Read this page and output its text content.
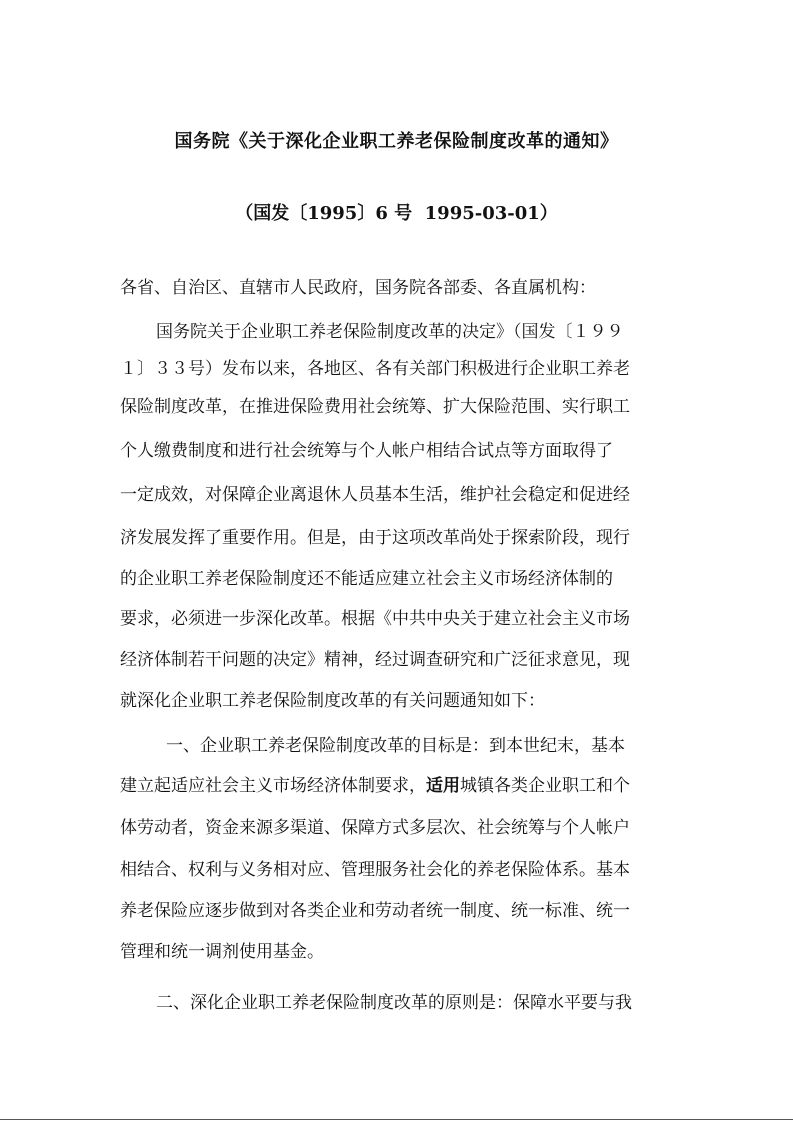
国务院《关于深化企业职工养老保险制度改革的通知》
（国发〔1995〕6 号  1995-03-01）
各省、自治区、直辖市人民政府，国务院各部委、各直属机构：
国务院关于企业职工养老保险制度改革的决定》（国发〔１９９
１〕３３号）发布以来，各地区、各有关部门积极进行企业职工养老
保险制度改革，在推进保险费用社会统筹、扩大保险范围、实行职工
个人缴费制度和进行社会统筹与个人帐户相结合试点等方面取得了
一定成效，对保障企业离退休人员基本生活，维护社会稳定和促进经
济发展发挥了重要作用。但是，由于这项改革尚处于探索阶段，现行
的企业职工养老保险制度还不能适应建立社会主义市场经济体制的
要求，必须进一步深化改革。根据《中共中央关于建立社会主义市场
经济体制若干问题的决定》精神，经过调查研究和广泛征求意见，现
就深化企业职工养老保险制度改革的有关问题通知如下：
一、企业职工养老保险制度改革的目标是：到本世纪末，基本
建立起适应社会主义市场经济体制要求，适用城镇各类企业职工和个
体劳动者，资金来源多渠道、保障方式多层次、社会统筹与个人帐户
相结合、权利与义务相对应、管理服务社会化的养老保险体系。基本
养老保险应逐步做到对各类企业和劳动者统一制度、统一标准、统一
管理和统一调剂使用基金。
二、深化企业职工养老保险制度改革的原则是：保障水平要与我
